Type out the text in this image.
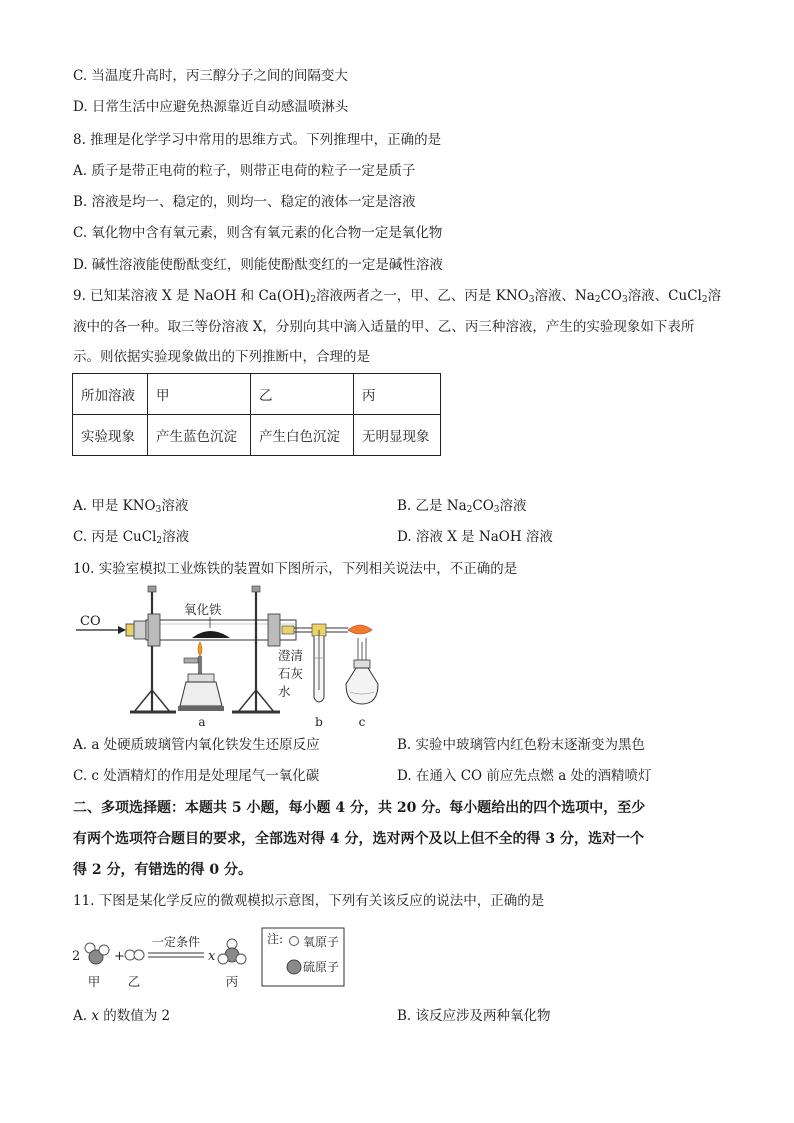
C. 当温度升高时，丙三醇分子之间的间隔变大
D. 日常生活中应避免热源靠近自动感温喷淋头
8. 推理是化学学习中常用的思维方式。下列推理中，正确的是
A. 质子是带正电荷的粒子，则带正电荷的粒子一定是质子
B. 溶液是均一、稳定的，则均一、稳定的液体一定是溶液
C. 氧化物中含有氧元素，则含有氧元素的化合物一定是氧化物
D. 碱性溶液能使酚酞变红，则能使酚酞变红的一定是碱性溶液
9. 已知某溶液 X 是 NaOH 和 $Ca(OH)_2$溶液两者之一，甲、乙、丙是 $KNO_3$溶液、$Na_2CO_3$溶液、CuCl$_2$溶
液中的各一种。取三等份溶液 X，分别向其中滴入适量的甲、乙、丙三种溶液，产生的实验现象如下表所
示。则依据实验现象做出的下列推断中，合理的是
所加溶液	甲	乙	丙
实验现象	产生蓝色沉淀	产生白色沉淀	无明显现象
A. 甲是 $KNO_3$溶液	B. 乙是 $Na_2CO_3$溶液
C. 丙是 CuCl$_2$溶液	D. 溶液 X 是 NaOH 溶液
10. 实验室模拟工业炼铁的装置如下图所示，下列相关说法中，不正确的是
CO
氧化铁
a
澄清
石灰
水
b	c
A. a 处硬质玻璃管内氧化铁发生还原反应	B. 实验中玻璃管内红色粉末逐渐变为黑色
C. c 处酒精灯的作用是处理尾气一氧化碳	D. 在通入 CO 前应先点燃 a 处的酒精喷灯
二、多项选择题：本题共 5 小题，每小题 4 分，共 20 分。每小题给出的四个选项中，至少
有两个选项符合题目的要求，全部选对得 4 分，选对两个及以上但不全的得 3 分，选对一个
得 2 分，有错选的得 0 分。
11. 下图是某化学反应的微观模拟示意图，下列有关该反应的说法中，正确的是
2
甲
+
乙
一定条件
x
丙
注: 氧原子
硫原子
A. x 的数值为 2	B. 该反应涉及两种氧化物
